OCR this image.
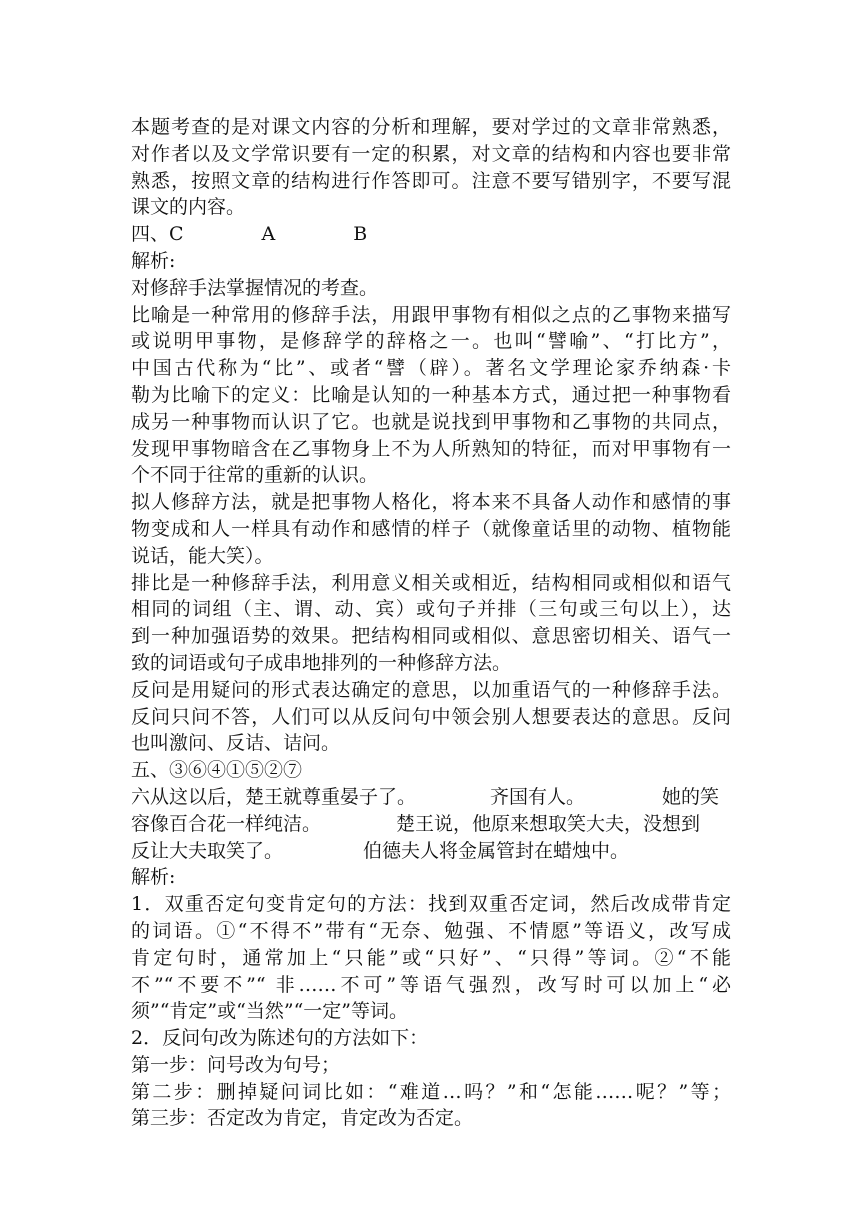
本题考查的是对课文内容的分析和理解，要对学过的文章非常熟悉，
对作者以及文学常识要有一定的积累，对文章的结构和内容也要非常
熟悉，按照文章的结构进行作答即可。注意不要写错别字，不要写混
课文的内容。
四、C	A	B
解析:
对修辞手法掌握情况的考查。
比喻是一种常用的修辞手法，用跟甲事物有相似之点的乙事物来描写
或说明甲事物，是修辞学的辞格之一。也叫“譬喻”、“打比方”，
中国古代称为“比”、或者“譬（辟）。著名文学理论家乔纳森·卡
勒为比喻下的定义：比喻是认知的一种基本方式，通过把一种事物看
成另一种事物而认识了它。也就是说找到甲事物和乙事物的共同点，
发现甲事物暗含在乙事物身上不为人所熟知的特征，而对甲事物有一
个不同于往常的重新的认识。
拟人修辞方法，就是把事物人格化，将本来不具备人动作和感情的事
物变成和人一样具有动作和感情的样子（就像童话里的动物、植物能
说话，能大笑）。
排比是一种修辞手法，利用意义相关或相近，结构相同或相似和语气
相同的词组（主、谓、动、宾）或句子并排（三句或三句以上），达
到一种加强语势的效果。把结构相同或相似、意思密切相关、语气一
致的词语或句子成串地排列的一种修辞方法。
反问是用疑问的形式表达确定的意思，以加重语气的一种修辞手法。
反问只问不答，人们可以从反问句中领会别人想要表达的意思。反问
也叫激问、反诘、诘问。
五、③⑥④①⑤②⑦
六从这以后，楚王就尊重晏子了。	齐国有人。	她的笑
容像百合花一样纯洁。	楚王说，他原来想取笑大夫，没想到
反让大夫取笑了。	伯德夫人将金属管封在蜡烛中。
解析:
1．双重否定句变肯定句的方法：找到双重否定词，然后改成带肯定
的词语。①“不得不”带有“无奈、勉强、不情愿”等语义，改写成
肯定句时，通常加上“只能”或“只好”、“只得”等词。②“不能
不”“不要不”“ 非……不可”等语气强烈，改写时可以加上“必
须”“肯定”或“当然”“一定”等词。
2．反问句改为陈述句的方法如下：
第一步：问号改为句号；
第二步：删掉疑问词比如：“难道…吗？”和“怎能……呢？”等；
第三步：否定改为肯定，肯定改为否定。
